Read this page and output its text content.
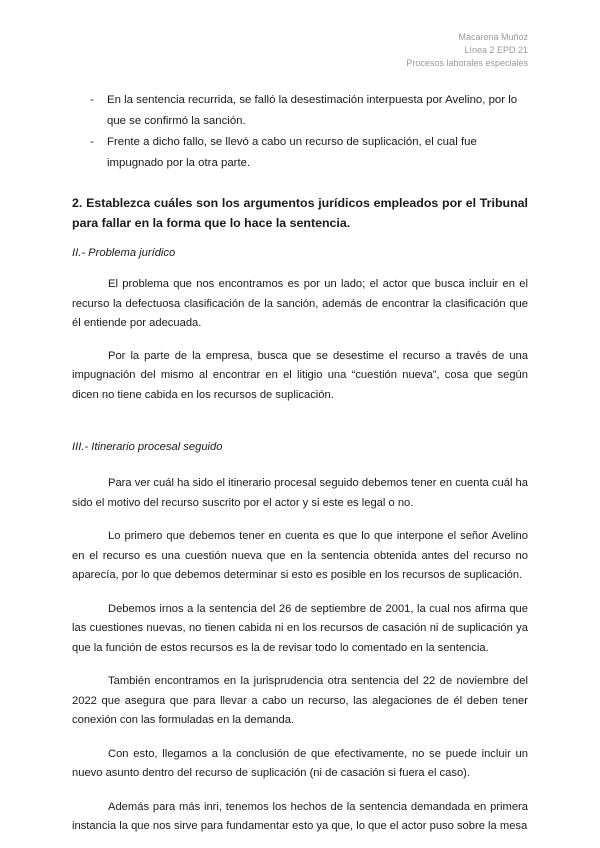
Macarena Muñoz
Línea 2 EPD 21
Procesos laborales especiales
- En la sentencia recurrida, se falló la desestimación interpuesta por Avelino, por lo que se confirmó la sanción.
- Frente a dicho fallo, se llevó a cabo un recurso de suplicación, el cual fue impugnado por la otra parte.

2. Establezca cuáles son los argumentos jurídicos empleados por el Tribunal para fallar en la forma que lo hace la sentencia.

II.- Problema jurídico

El problema que nos encontramos es por un lado; el actor que busca incluir en el recurso la defectuosa clasificación de la sanción, además de encontrar la clasificación que él entiende por adecuada.

Por la parte de la empresa, busca que se desestime el recurso a través de una impugnación del mismo al encontrar en el litigio una “cuestión nueva”, cosa que según dicen no tiene cabida en los recursos de suplicación.

III.- Itinerario procesal seguido

Para ver cuál ha sido el itinerario procesal seguido debemos tener en cuenta cuál ha sido el motivo del recurso suscrito por el actor y si este es legal o no.

Lo primero que debemos tener en cuenta es que lo que interpone el señor Avelino en el recurso es una cuestión nueva que en la sentencia obtenida antes del recurso no aparecía, por lo que debemos determinar si esto es posible en los recursos de suplicación.

Debemos irnos a la sentencia del 26 de septiembre de 2001, la cual nos afirma que las cuestiones nuevas, no tienen cabida ni en los recursos de casación ni de suplicación ya que la función de estos recursos es la de revisar todo lo comentado en la sentencia.

También encontramos en la jurisprudencia otra sentencia del 22 de noviembre del 2022 que asegura que para llevar a cabo un recurso, las alegaciones de él deben tener conexión con las formuladas en la demanda.

Con esto, llegamos a la conclusión de que efectivamente, no se puede incluir un nuevo asunto dentro del recurso de suplicación (ni de casación si fuera el caso).

Además para más inri, tenemos los hechos de la sentencia demandada en primera instancia la que nos sirve para fundamentar esto ya que, lo que el actor puso sobre la mesa
